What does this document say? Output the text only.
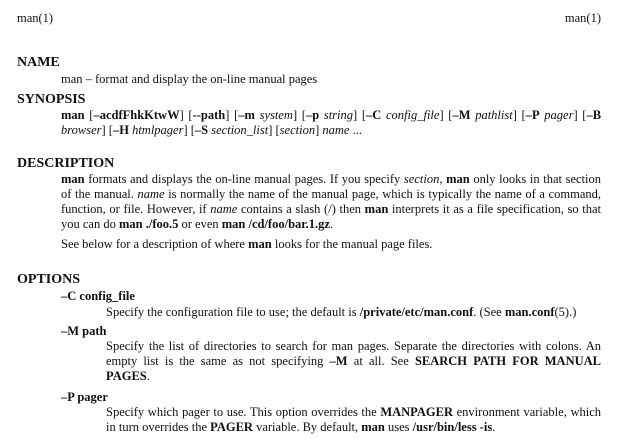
man(1)	man(1)
NAME
man – format and display the on-line manual pages
SYNOPSIS
man [–acdfFhkKtwW] [--path] [–m system] [–p string] [–C config_file] [–M pathlist] [–P pager] [–B
browser] [–H htmlpager] [–S section_list] [section] name ...
DESCRIPTION
man formats and displays the on-line manual pages. If you specify section, man only looks in that section
of the manual. name is normally the name of the manual page, which is typically the name of a command,
function, or file. However, if name contains a slash (/) then man interprets it as a file specification, so that
you can do man ./foo.5 or even man /cd/foo/bar.1.gz.
See below for a description of where man looks for the manual page files.
OPTIONS
–C config_file
Specify the configuration file to use; the default is /private/etc/man.conf. (See man.conf(5).)
–M path
Specify the list of directories to search for man pages. Separate the directories with colons. An
empty list is the same as not specifying –M at all. See SEARCH PATH FOR MANUAL
PAGES.
–P pager
Specify which pager to use. This option overrides the MANPAGER environment variable, which
in turn overrides the PAGER variable. By default, man uses /usr/bin/less -is.
